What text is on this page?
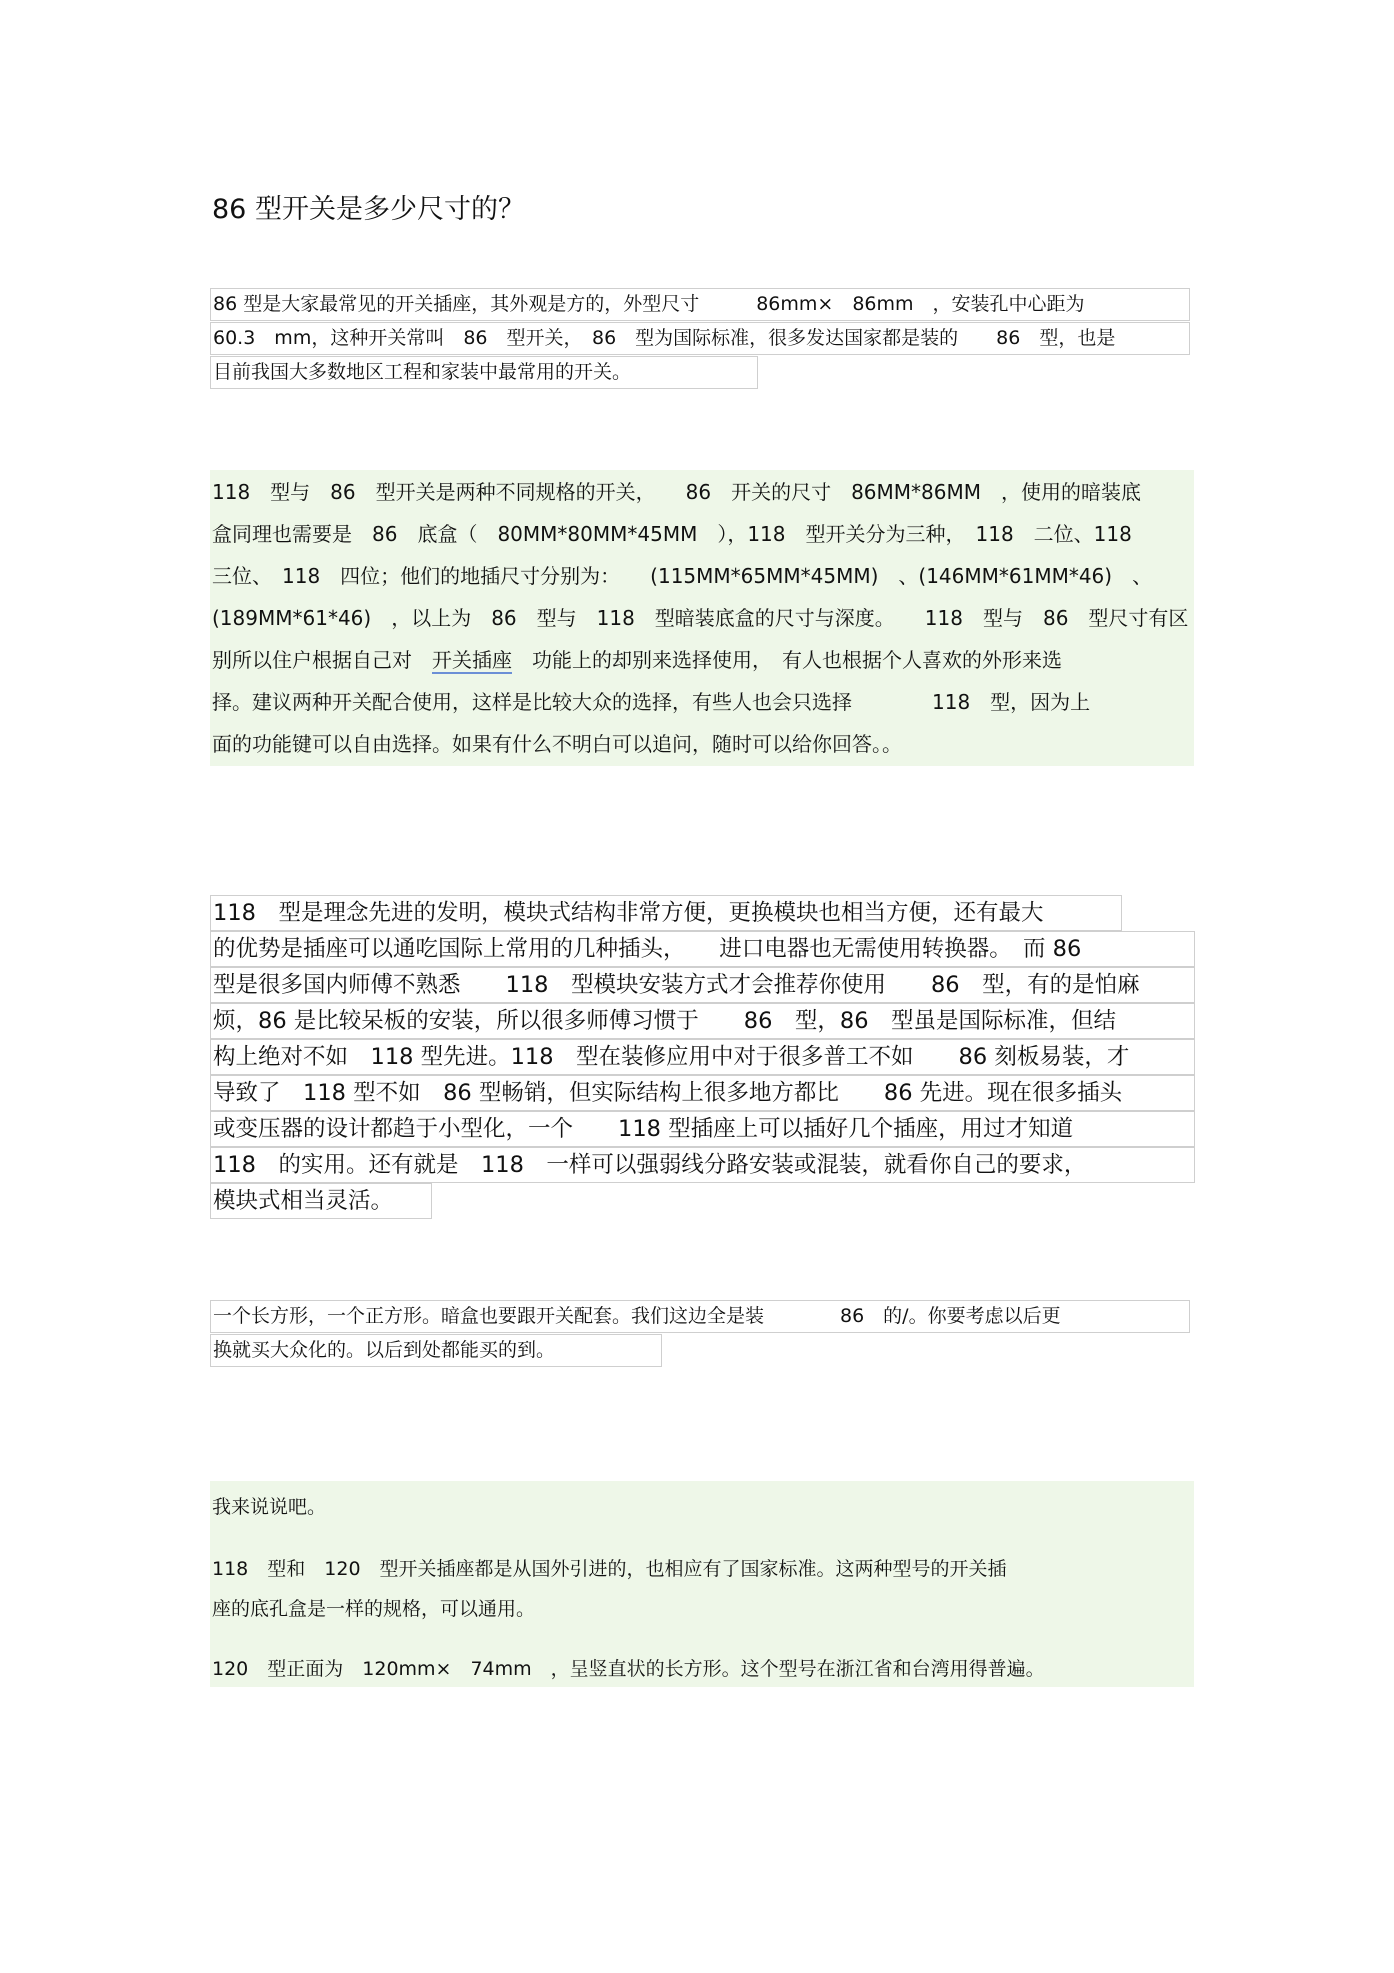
86 型开关是多少尺寸的？
86 型是大家最常见的开关插座，其外观是方的，外型尺寸　　　86mm×　86mm　，安装孔中心距为
60.3　mm，这种开关常叫　86　型开关，　86　型为国际标准，很多发达国家都是装的　　86　型，也是
目前我国大多数地区工程和家装中最常用的开关。
118　型与　86　型开关是两种不同规格的开关，　　86　开关的尺寸　86MM*86MM　，使用的暗装底
盒同理也需要是　86　底盒（　80MM*80MM*45MM　），118　型开关分为三种，　118　二位、118
三位、　118　四位；他们的地插尺寸分别为：　　(115MM*65MM*45MM)　、(146MM*61MM*46)　、
(189MM*61*46)　，以上为　86　型与　118　型暗装底盒的尺寸与深度。　　118　型与　86　型尺寸有区
别所以住户根据自己对　开关插座　功能上的却别来选择使用，　有人也根据个人喜欢的外形来选
择。建议两种开关配合使用，这样是比较大众的选择，有些人也会只选择　　　　118　型，因为上
面的功能键可以自由选择。如果有什么不明白可以追问，随时可以给你回答。。
118　型是理念先进的发明，模块式结构非常方便，更换模块也相当方便，还有最大
的优势是插座可以通吃国际上常用的几种插头，　　进口电器也无需使用转换器。　而 86
型是很多国内师傅不熟悉　　118　型模块安装方式才会推荐你使用　　86　型，有的是怕麻
烦，86 是比较呆板的安装，所以很多师傅习惯于　　86　型，86　型虽是国际标准，但结
构上绝对不如　118 型先进。118　型在装修应用中对于很多普工不如　　86 刻板易装，才
导致了　118 型不如　86 型畅销，但实际结构上很多地方都比　　86 先进。现在很多插头
或变压器的设计都趋于小型化，一个　　118 型插座上可以插好几个插座，用过才知道
118　的实用。还有就是　118　一样可以强弱线分路安装或混装，就看你自己的要求，
模块式相当灵活。
一个长方形，一个正方形。暗盒也要跟开关配套。我们这边全是装　　　　86　的/。你要考虑以后更
换就买大众化的。以后到处都能买的到。
我来说说吧。
118　型和　120　型开关插座都是从国外引进的，也相应有了国家标准。这两种型号的开关插
座的底孔盒是一样的规格，可以通用。
120　型正面为　120mm×　74mm　，呈竖直状的长方形。这个型号在浙江省和台湾用得普遍。
